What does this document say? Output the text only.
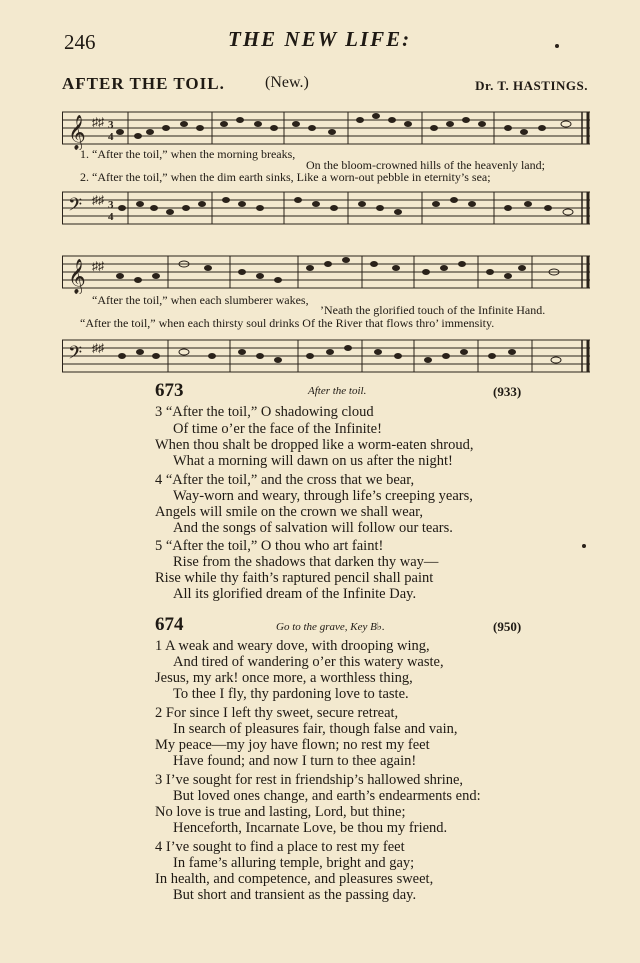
246	THE NEW LIFE:
AFTER THE TOIL.	(New.)	Dr. T. HASTINGS.
𝄞 ♯♯ 3
4
1. “After the toil,” when the morning breaks,
On the bloom-crowned hills of the heavenly land;
2. “After the toil,” when the dim earth sinks, Like a worn-out pebble in eternity’s sea;
𝄢 ♯♯ 3
4
𝄞 ♯♯
“After the toil,” when each slumberer wakes,
’Neath the glorified touch of the Infinite Hand.
“After the toil,” when each thirsty soul drinks Of the River that flows thro’ immensity.
𝄢 ♯♯
673	After the toil.	(933)
3 “After the toil,” O shadowing cloud
Of time o’er the face of the Infinite!
When thou shalt be dropped like a worm-eaten shroud,
What a morning will dawn on us after the night!
4 “After the toil,” and the cross that we bear,
Way-worn and weary, through life’s creeping years,
Angels will smile on the crown we shall wear,
And the songs of salvation will follow our tears.
5 “After the toil,” O thou who art faint!
Rise from the shadows that darken thy way—
Rise while thy faith’s raptured pencil shall paint
All its glorified dream of the Infinite Day.
674	Go to the grave, Key B♭.	(950)
1 A weak and weary dove, with drooping wing,
And tired of wandering o’er this watery waste,
Jesus, my ark! once more, a worthless thing,
To thee I fly, thy pardoning love to taste.
2 For since I left thy sweet, secure retreat,
In search of pleasures fair, though false and vain,
My peace—my joy have flown; no rest my feet
Have found; and now I turn to thee again!
3 I’ve sought for rest in friendship’s hallowed shrine,
But loved ones change, and earth’s endearments end:
No love is true and lasting, Lord, but thine;
Henceforth, Incarnate Love, be thou my friend.
4 I’ve sought to find a place to rest my feet
In fame’s alluring temple, bright and gay;
In health, and competence, and pleasures sweet,
But short and transient as the passing day.
